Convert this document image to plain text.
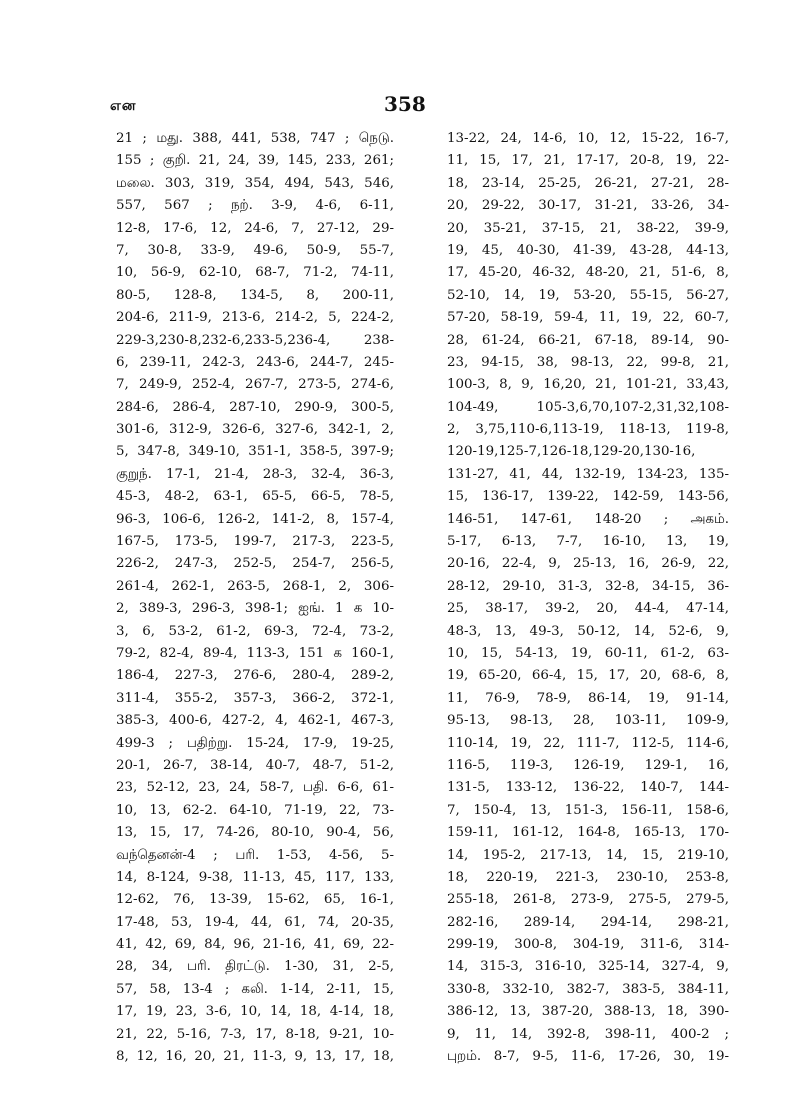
என	358
21 ; மது. 388, 441, 538, 747 ; நெடு.
155 ; குறி. 21, 24, 39, 145, 233, 261;
மலை. 303, 319, 354, 494, 543, 546,
557, 567 ; நற். 3-9, 4-6, 6-11,
12-8, 17-6, 12, 24-6, 7, 27-12, 29-
7, 30-8, 33-9, 49-6, 50-9, 55-7,
10, 56-9, 62-10, 68-7, 71-2, 74-11,
80-5, 128-8, 134-5, 8, 200-11,
204-6, 211-9, 213-6, 214-2, 5, 224-2,
229-3,230-8,232-6,233-5,236-4, 238-
6, 239-11, 242-3, 243-6, 244-7, 245-
7, 249-9, 252-4, 267-7, 273-5, 274-6,
284-6, 286-4, 287-10, 290-9, 300-5,
301-6, 312-9, 326-6, 327-6, 342-1, 2,
5, 347-8, 349-10, 351-1, 358-5, 397-9;
குறுந். 17-1, 21-4, 28-3, 32-4, 36-3,
45-3, 48-2, 63-1, 65-5, 66-5, 78-5,
96-3, 106-6, 126-2, 141-2, 8, 157-4,
167-5, 173-5, 199-7, 217-3, 223-5,
226-2, 247-3, 252-5, 254-7, 256-5,
261-4, 262-1, 263-5, 268-1, 2, 306-
2, 389-3, 296-3, 398-1; ஐங். 1 க 10-
3, 6, 53-2, 61-2, 69-3, 72-4, 73-2,
79-2, 82-4, 89-4, 113-3, 151 க 160-1,
186-4, 227-3, 276-6, 280-4, 289-2,
311-4, 355-2, 357-3, 366-2, 372-1,
385-3, 400-6, 427-2, 4, 462-1, 467-3,
499-3 ; பதிற்று. 15-24, 17-9, 19-25,
20-1, 26-7, 38-14, 40-7, 48-7, 51-2,
23, 52-12, 23, 24, 58-7, பதி. 6-6, 61-
10, 13, 62-2. 64-10, 71-19, 22, 73-
13, 15, 17, 74-26, 80-10, 90-4, 56,
வந்தெனன்-4 ; பரி. 1-53, 4-56, 5-
14, 8-124, 9-38, 11-13, 45, 117, 133,
12-62, 76, 13-39, 15-62, 65, 16-1,
17-48, 53, 19-4, 44, 61, 74, 20-35,
41, 42, 69, 84, 96, 21-16, 41, 69, 22-
28, 34, பரி. திரட்டு. 1-30, 31, 2-5,
57, 58, 13-4 ; கலி. 1-14, 2-11, 15,
17, 19, 23, 3-6, 10, 14, 18, 4-14, 18,
21, 22, 5-16, 7-3, 17, 8-18, 9-21, 10-
8, 12, 16, 20, 21, 11-3, 9, 13, 17, 18,
13-22, 24, 14-6, 10, 12, 15-22, 16-7,
11, 15, 17, 21, 17-17, 20-8, 19, 22-
18, 23-14, 25-25, 26-21, 27-21, 28-
20, 29-22, 30-17, 31-21, 33-26, 34-
20, 35-21, 37-15, 21, 38-22, 39-9,
19, 45, 40-30, 41-39, 43-28, 44-13,
17, 45-20, 46-32, 48-20, 21, 51-6, 8,
52-10, 14, 19, 53-20, 55-15, 56-27,
57-20, 58-19, 59-4, 11, 19, 22, 60-7,
28, 61-24, 66-21, 67-18, 89-14, 90-
23, 94-15, 38, 98-13, 22, 99-8, 21,
100-3, 8, 9, 16,20, 21, 101-21, 33,43,
104-49, 105-3,6,70,107-2,31,32,108-
2, 3,75,110-6,113-19, 118-13, 119-8,
120-19,125-7,126-18,129-20,130-16,
131-27, 41, 44, 132-19, 134-23, 135-
15, 136-17, 139-22, 142-59, 143-56,
146-51, 147-61, 148-20 ; அகம்.
5-17, 6-13, 7-7, 16-10, 13, 19,
20-16, 22-4, 9, 25-13, 16, 26-9, 22,
28-12, 29-10, 31-3, 32-8, 34-15, 36-
25, 38-17, 39-2, 20, 44-4, 47-14,
48-3, 13, 49-3, 50-12, 14, 52-6, 9,
10, 15, 54-13, 19, 60-11, 61-2, 63-
19, 65-20, 66-4, 15, 17, 20, 68-6, 8,
11, 76-9, 78-9, 86-14, 19, 91-14,
95-13, 98-13, 28, 103-11, 109-9,
110-14, 19, 22, 111-7, 112-5, 114-6,
116-5, 119-3, 126-19, 129-1, 16,
131-5, 133-12, 136-22, 140-7, 144-
7, 150-4, 13, 151-3, 156-11, 158-6,
159-11, 161-12, 164-8, 165-13, 170-
14, 195-2, 217-13, 14, 15, 219-10,
18, 220-19, 221-3, 230-10, 253-8,
255-18, 261-8, 273-9, 275-5, 279-5,
282-16, 289-14, 294-14, 298-21,
299-19, 300-8, 304-19, 311-6, 314-
14, 315-3, 316-10, 325-14, 327-4, 9,
330-8, 332-10, 382-7, 383-5, 384-11,
386-12, 13, 387-20, 388-13, 18, 390-
9, 11, 14, 392-8, 398-11, 400-2 ;
புறம். 8-7, 9-5, 11-6, 17-26, 30, 19-
